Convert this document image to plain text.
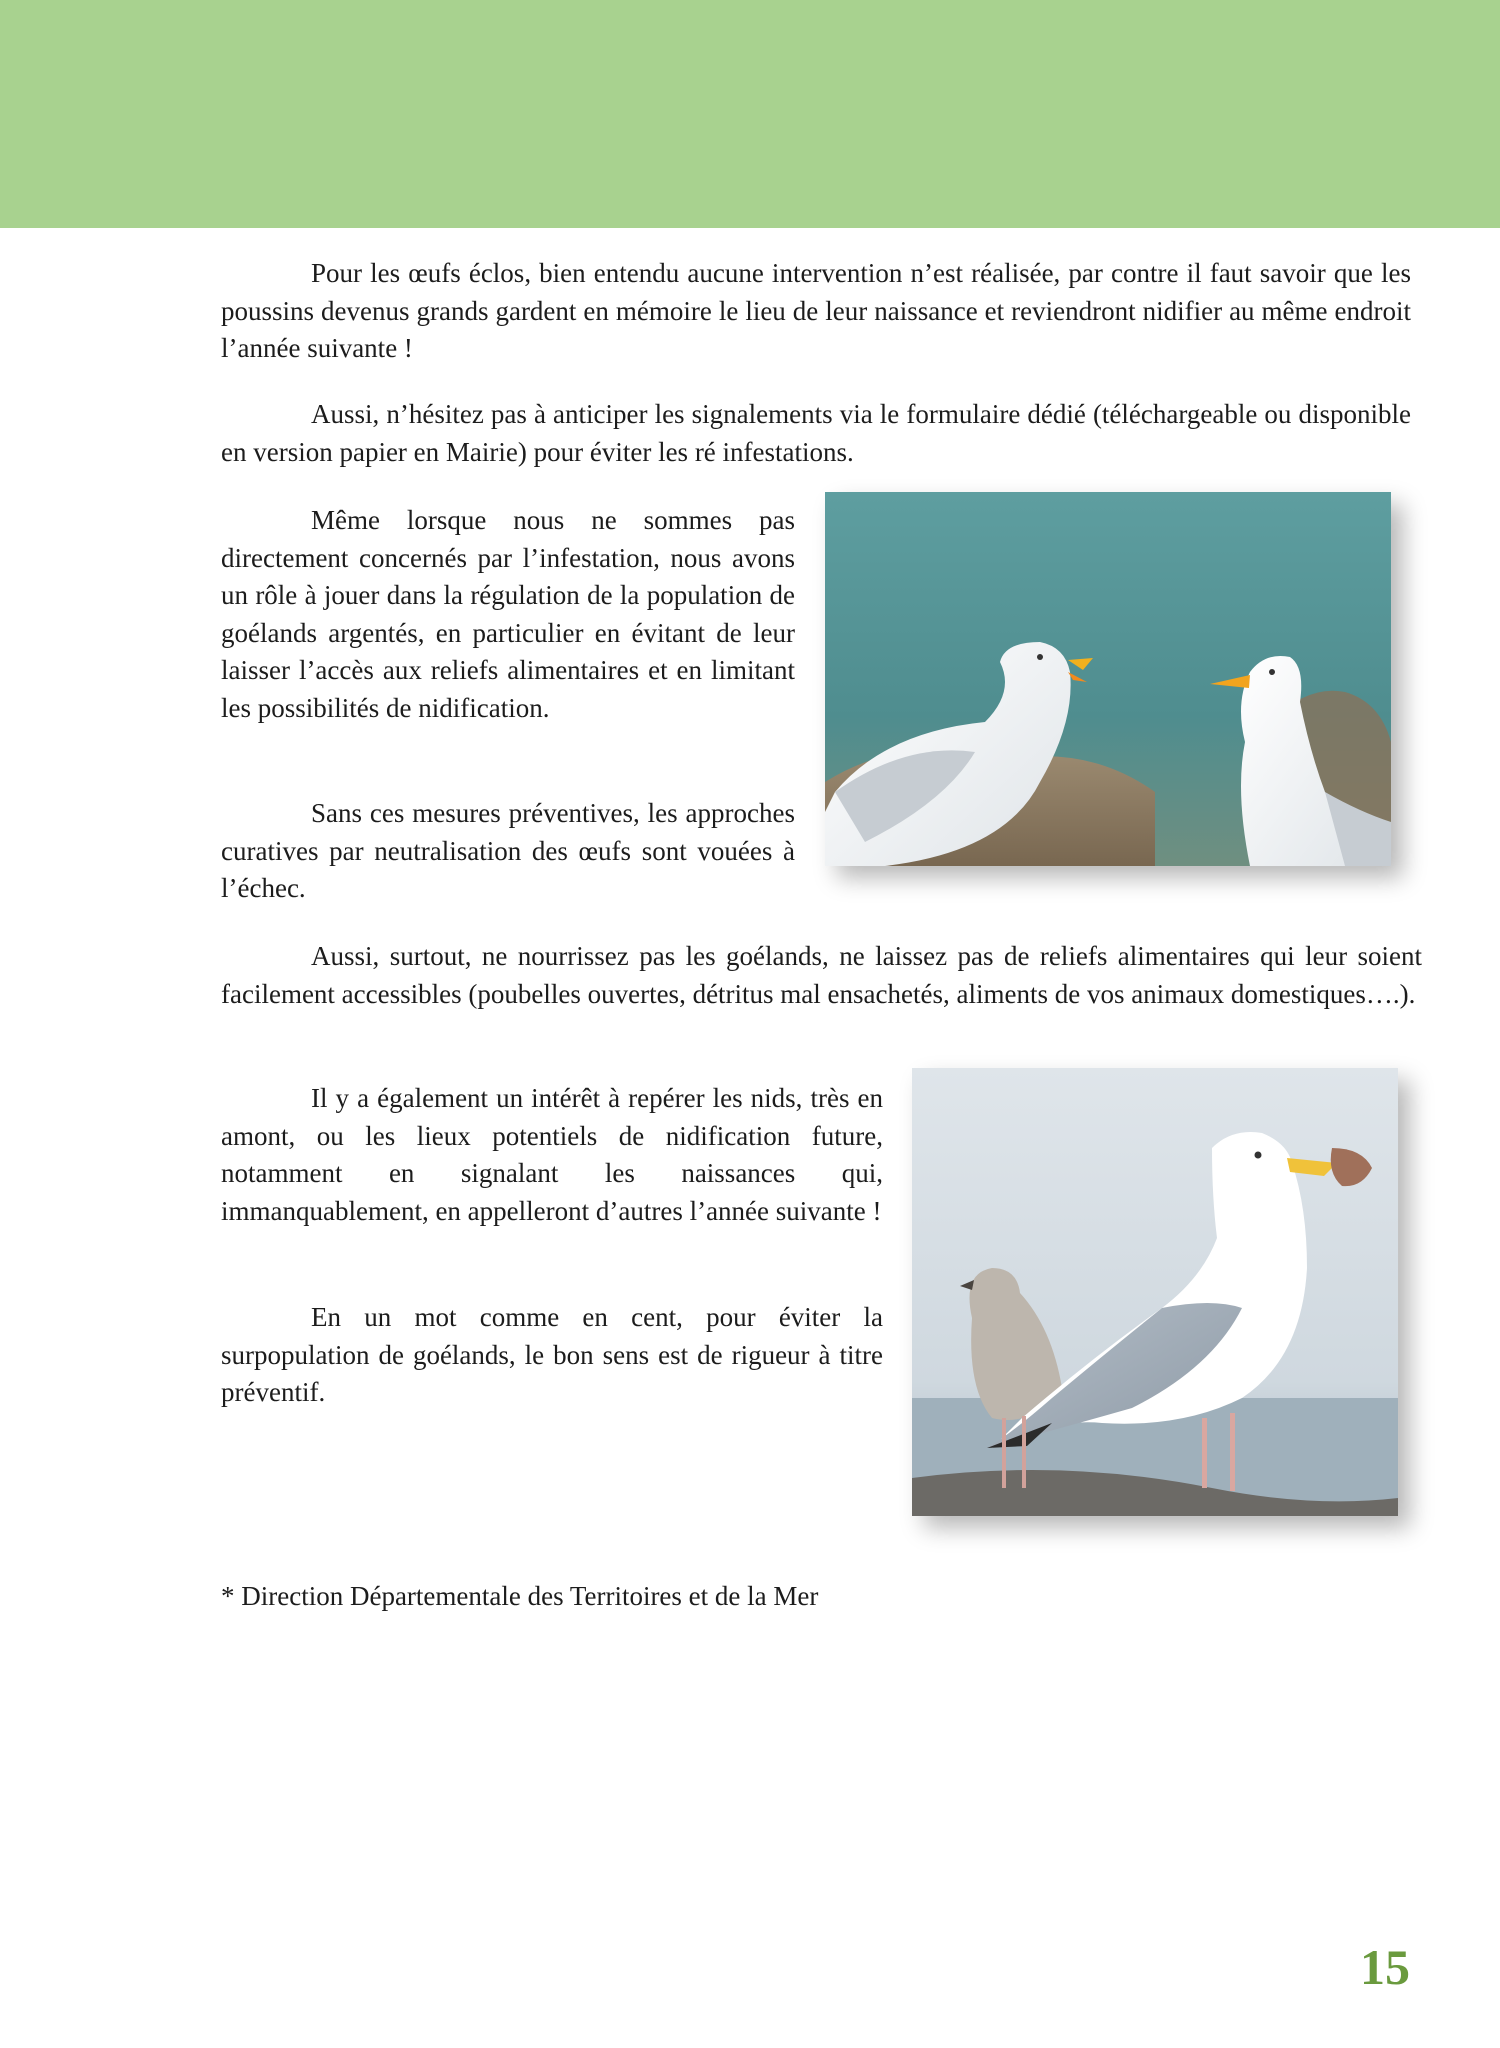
Pour les œufs éclos, bien entendu aucune intervention n’est réalisée, par contre il faut savoir que les poussins devenus grands gardent en mémoire le lieu de leur naissance et reviendront nidifier au même endroit l’année suivante !

Aussi, n’hésitez pas à anticiper les signalements via le formulaire dédié (téléchargeable ou disponible en version papier en Mairie) pour éviter les ré infestations.

Même lorsque nous ne sommes pas directement concernés par l’infestation, nous avons un rôle à jouer dans la régulation de la population de goélands argentés, en particulier en évitant de leur laisser l’accès aux reliefs alimentaires et en limitant les possibilités de nidification.

Sans ces mesures préventives, les approches curatives par neutralisation des œufs sont vouées à l’échec.

Aussi, surtout, ne nourrissez pas les goélands, ne laissez pas de reliefs alimentaires qui leur soient facilement accessibles (poubelles ouvertes, détritus mal ensachetés, aliments de vos animaux domestiques….).

Il y a également un intérêt à repérer les nids, très en amont, ou les lieux potentiels de nidification future, notamment en signalant les naissances qui, immanquablement, en appelleront d’autres l’année suivante !

En un mot comme en cent, pour éviter la surpopulation de goélands, le bon sens est de rigueur à titre préventif.

* Direction Départementale des Territoires et de la Mer

15
